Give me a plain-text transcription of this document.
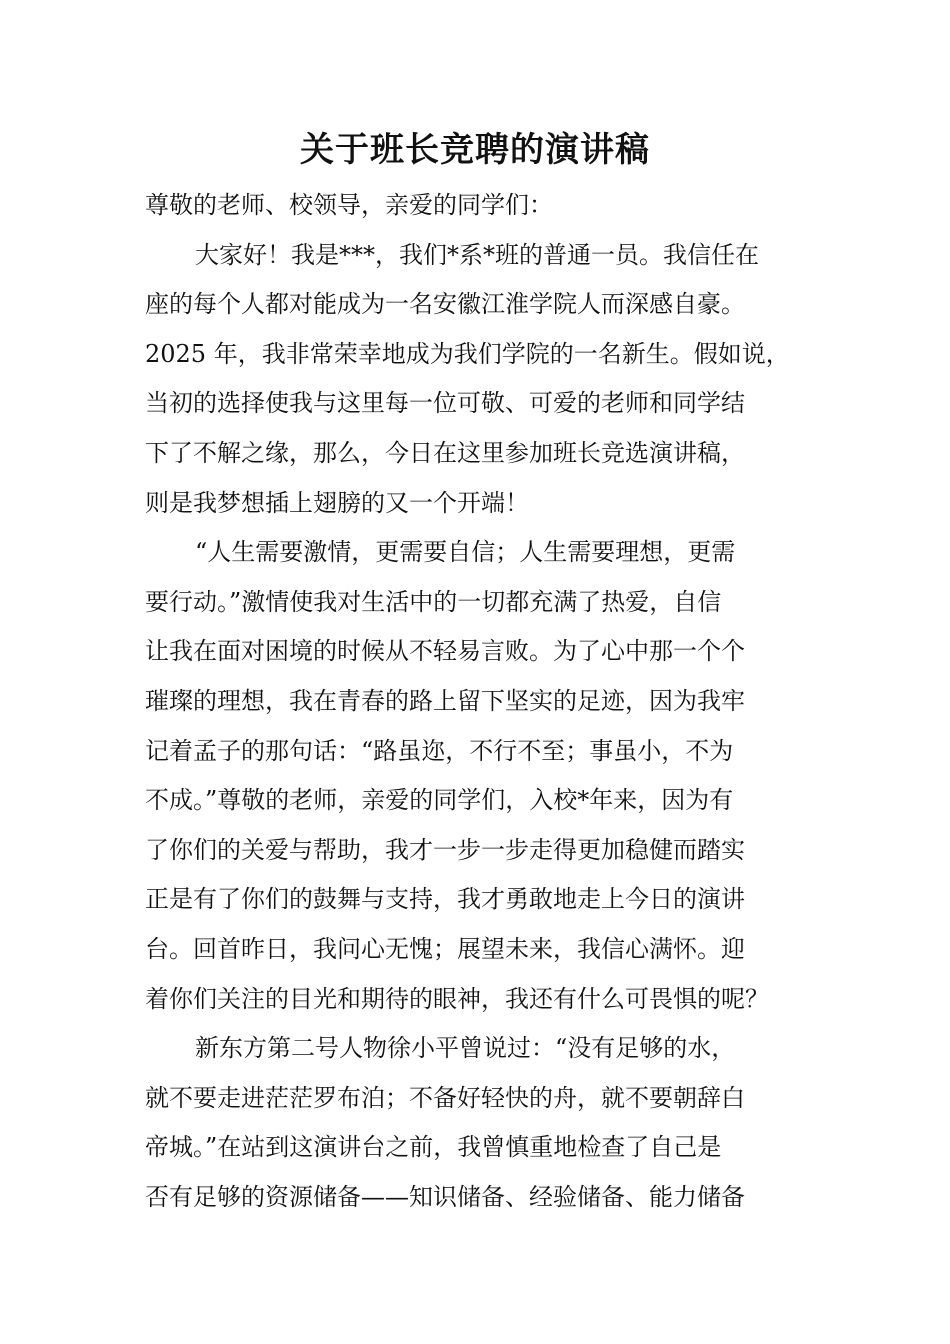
关于班长竞聘的演讲稿
尊敬的老师、校领导，亲爱的同学们：
大家好！我是***，我们*系*班的普通一员。我信任在
座的每个人都对能成为一名安徽江淮学院人而深感自豪。
2025 年，我非常荣幸地成为我们学院的一名新生。假如说，
当初的选择使我与这里每一位可敬、可爱的老师和同学结
下了不解之缘，那么，今日在这里参加班长竞选演讲稿，
则是我梦想插上翅膀的又一个开端！
“人生需要激情，更需要自信；人生需要理想，更需
要行动。”激情使我对生活中的一切都充满了热爱，自信
让我在面对困境的时候从不轻易言败。为了心中那一个个
璀璨的理想，我在青春的路上留下坚实的足迹，因为我牢
记着孟子的那句话：“路虽迩，不行不至；事虽小，不为
不成。”尊敬的老师，亲爱的同学们，入校*年来，因为有
了你们的关爱与帮助，我才一步一步走得更加稳健而踏实
正是有了你们的鼓舞与支持，我才勇敢地走上今日的演讲
台。回首昨日，我问心无愧；展望未来，我信心满怀。迎
着你们关注的目光和期待的眼神，我还有什么可畏惧的呢？
新东方第二号人物徐小平曾说过：“没有足够的水，
就不要走进茫茫罗布泊；不备好轻快的舟，就不要朝辞白
帝城。”在站到这演讲台之前，我曾慎重地检查了自己是
否有足够的资源储备——知识储备、经验储备、能力储备
